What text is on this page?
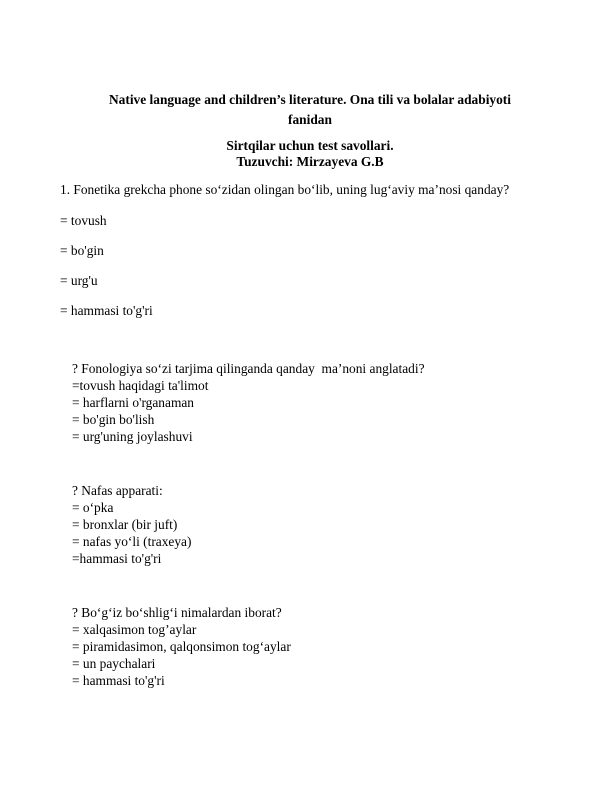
Native language and children’s literature. Ona tili va bolalar adabiyoti fanidan

Sirtqilar uchun test savollari.
Tuzuvchi: Mirzayeva G.B
1. Fonetika grekcha phone so‘zidan olingan bo‘lib, uning lug‘aviy ma’nosi qanday?
= tovush
= bo'gin
= urg'u
= hammasi to'g'ri
? Fonologiya so‘zi tarjima qilinganda qanday  ma’noni anglatadi?
=tovush haqidagi ta'limot
= harflarni o'rganaman
= bo'gin bo'lish
= urg'uning joylashuvi
? Nafas apparati:
= o‘pka
= bronxlar (bir juft)
= nafas yo‘li (traxeya)
=hammasi to'g'ri
? Bo‘g‘iz bo‘shlig‘i nimalardan iborat?
= xalqasimon tog’aylar
= piramidasimon, qalqonsimon tog‘aylar
= un paychalari
= hammasi to'g'ri
